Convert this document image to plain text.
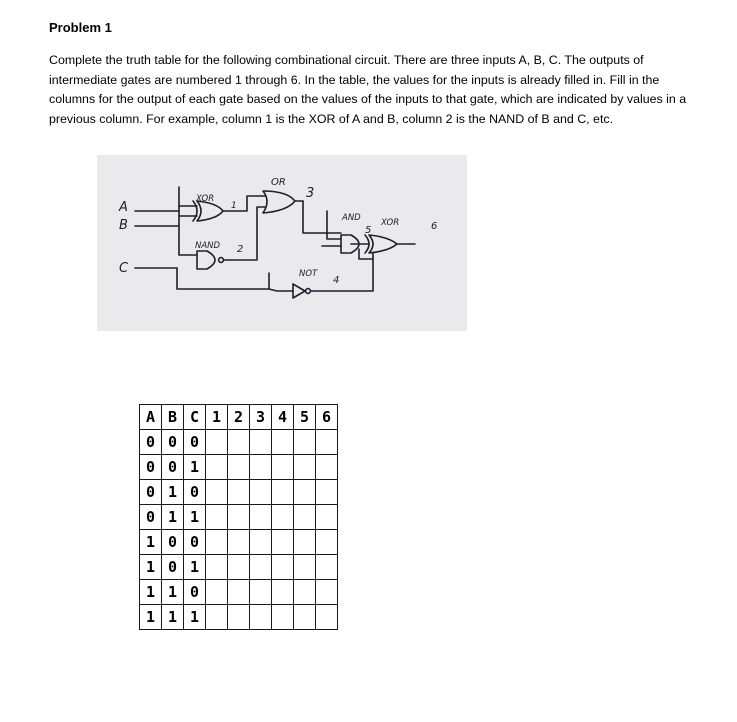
Problem 1
Complete the truth table for the following combinational circuit. There are three inputs A, B, C. The outputs of intermediate gates are numbered 1 through 6. In the table, the values for the inputs is already filled in. Fill in the columns for the output of each gate based on the values of the inputs to that gate, which are indicated by values in a previous column. For example, column 1 is the XOR of A and B, column 2 is the NAND of B and C, etc.
A
B
C
XOR
1
NAND 2
OR
3
AND
5
XOR	6
NOT
4
A	B	C	1	2	3	4	5	6
0	0	0						
0	0	1						
0	1	0						
0	1	1						
1	0	0						
1	0	1						
1	1	0						
1	1	1						
